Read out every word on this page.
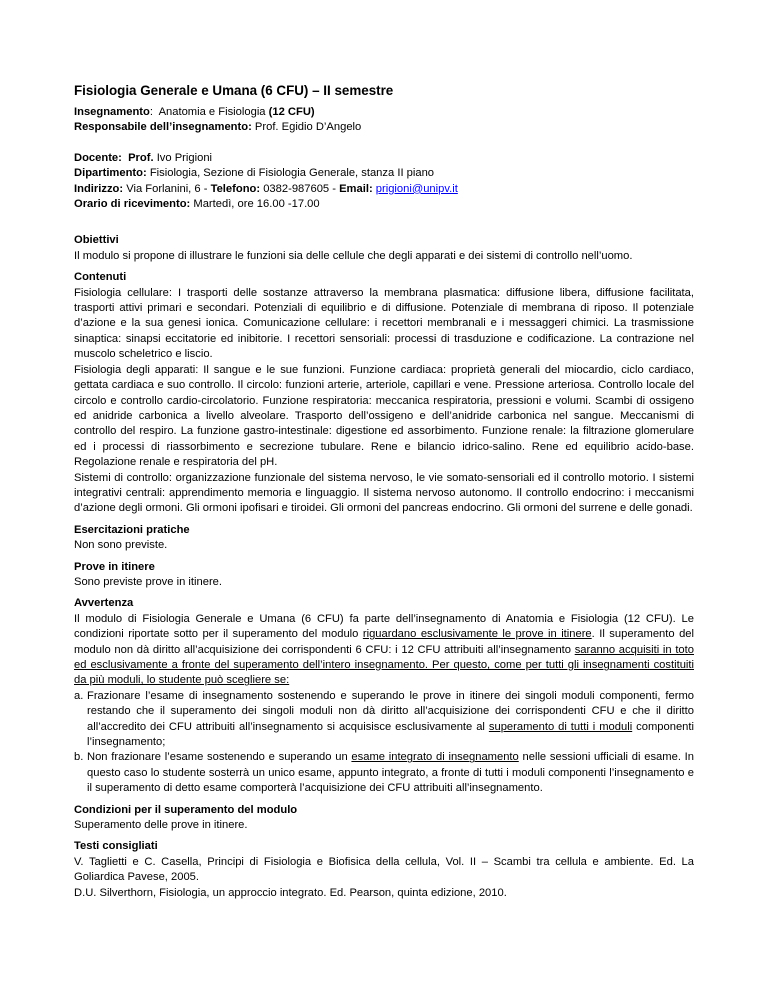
Fisiologia Generale e Umana (6 CFU) – II semestre
Insegnamento:  Anatomia e Fisiologia (12 CFU)
Responsabile dell’insegnamento: Prof. Egidio D’Angelo
Docente: Prof. Ivo Prigioni
Dipartimento: Fisiologia, Sezione di Fisiologia Generale, stanza II piano
Indirizzo: Via Forlanini, 6 - Telefono: 0382-987605 - Email: prigioni@unipv.it
Orario di ricevimento: Martedì, ore 16.00 -17.00
Obiettivi

Il modulo si propone di illustrare le funzioni sia delle cellule che degli apparati e dei sistemi di controllo nell’uomo.

Contenuti

Fisiologia cellulare: I trasporti delle sostanze attraverso la membrana plasmatica: diffusione libera, diffusione facilitata, trasporti attivi primari e secondari. Potenziali di equilibrio e di diffusione. Potenziale di membrana di riposo. Il potenziale d’azione e la sua genesi ionica. Comunicazione cellulare: i recettori membranali e i messaggeri chimici. La trasmissione sinaptica: sinapsi eccitatorie ed inibitorie. I recettori sensoriali: processi di trasduzione e codificazione. La contrazione nel muscolo scheletrico e liscio.

Fisiologia degli apparati: Il sangue e le sue funzioni. Funzione cardiaca: proprietà generali del miocardio, ciclo cardiaco, gettata cardiaca e suo controllo. Il circolo: funzioni arterie, arteriole, capillari e vene. Pressione arteriosa. Controllo locale del circolo e controllo cardio-circolatorio. Funzione respiratoria: meccanica respiratoria, pressioni e volumi. Scambi di ossigeno ed anidride carbonica a livello alveolare. Trasporto dell’ossigeno e dell’anidride carbonica nel sangue. Meccanismi di controllo del respiro. La funzione gastro-intestinale: digestione ed assorbimento. Funzione renale: la filtrazione glomerulare ed i processi di riassorbimento e secrezione tubulare. Rene e bilancio idrico-salino. Rene ed equilibrio acido-base. Regolazione renale e respiratoria del pH.

Sistemi di controllo: organizzazione funzionale del sistema nervoso, le vie somato-sensoriali ed il controllo motorio. I sistemi integrativi centrali: apprendimento memoria e linguaggio. Il sistema nervoso autonomo. Il controllo endocrino: i meccanismi d’azione degli ormoni. Gli ormoni ipofisari e tiroidei. Gli ormoni del pancreas endocrino. Gli ormoni del surrene e delle gonadi.

Esercitazioni pratiche

Non sono previste.

Prove in itinere

Sono previste prove in itinere.

Avvertenza

Il modulo di Fisiologia Generale e Umana (6 CFU) fa parte dell’insegnamento di Anatomia e Fisiologia (12 CFU). Le condizioni riportate sotto per il superamento del modulo riguardano esclusivamente le prove in itinere. Il superamento del modulo non dà diritto all’acquisizione dei corrispondenti 6 CFU: i 12 CFU attribuiti all’insegnamento saranno acquisiti in toto ed esclusivamente a fronte del superamento dell’intero insegnamento. Per questo, come per tutti gli insegnamenti costituiti da più moduli, lo studente può scegliere se:

a. Frazionare l’esame di insegnamento sostenendo e superando le prove in itinere dei singoli moduli componenti, fermo restando che il superamento dei singoli moduli non dà diritto all’acquisizione dei corrispondenti CFU e che il diritto all’accredito dei CFU attribuiti all’insegnamento si acquisisce esclusivamente al superamento di tutti i moduli componenti l’insegnamento;
b. Non frazionare l’esame sostenendo e superando un esame integrato di insegnamento nelle sessioni ufficiali di esame. In questo caso lo studente sosterrà un unico esame, appunto integrato, a fronte di tutti i moduli componenti l’insegnamento e il superamento di detto esame comporterà l’acquisizione dei CFU attribuiti all’insegnamento.
Condizioni per il superamento del modulo

Superamento delle prove in itinere.

Testi consigliati

V. Taglietti e C. Casella, Principi di Fisiologia e Biofisica della cellula, Vol. II – Scambi tra cellula e ambiente. Ed. La Goliardica Pavese, 2005.

D.U. Silverthorn, Fisiologia, un approccio integrato. Ed. Pearson, quinta edizione, 2010.
